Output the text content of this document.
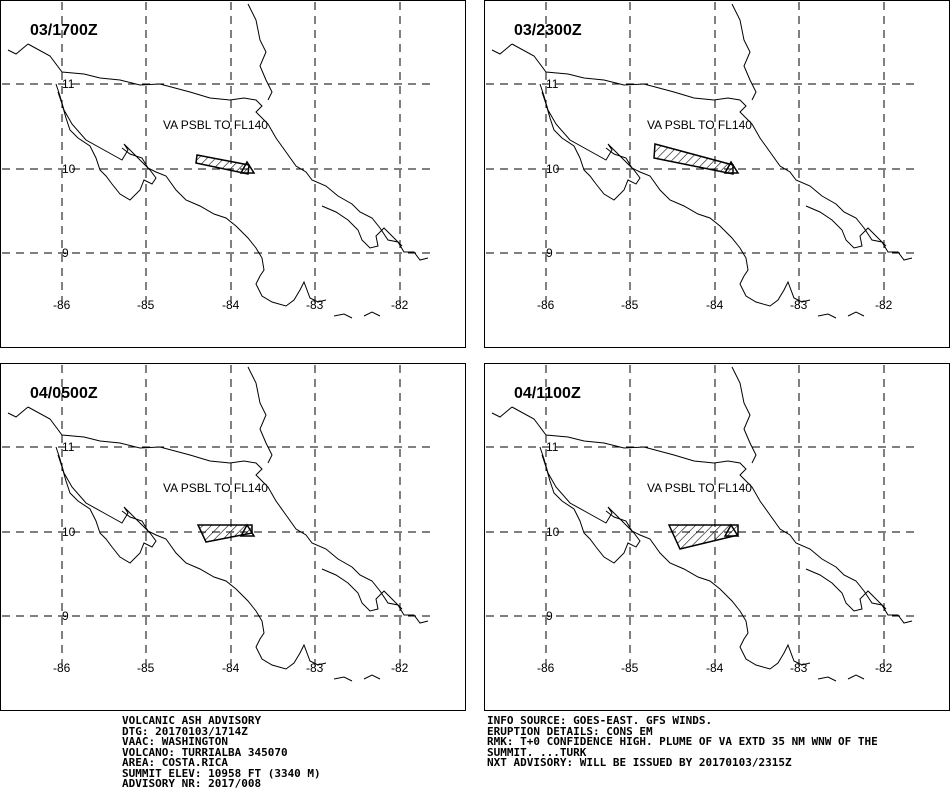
03/1700Z
VA PSBL TO FL140
11
10
9
-86	-85	-84	-83	-82
03/2300Z
VA PSBL TO FL140
11
10
9
-86	-85	-84	-83	-82
04/0500Z
VA PSBL TO FL140
11
10
9
-86	-85	-84	-83	-82
04/1100Z
VA PSBL TO FL140
11
10
9
-86	-85	-84	-83	-82
VOLCANIC ASH ADVISORY
DTG: 20170103/1714Z
VAAC: WASHINGTON
VOLCANO: TURRIALBA 345070
AREA: COSTA.RICA
SUMMIT ELEV: 10958 FT (3340 M)
ADVISORY NR: 2017/008
INFO SOURCE: GOES-EAST. GFS WINDS.
ERUPTION DETAILS: CONS EM
RMK: T+0 CONFIDENCE HIGH. PLUME OF VA EXTD 35 NM WNW OF THE
SUMMIT. ...TURK
NXT ADVISORY: WILL BE ISSUED BY 20170103/2315Z
